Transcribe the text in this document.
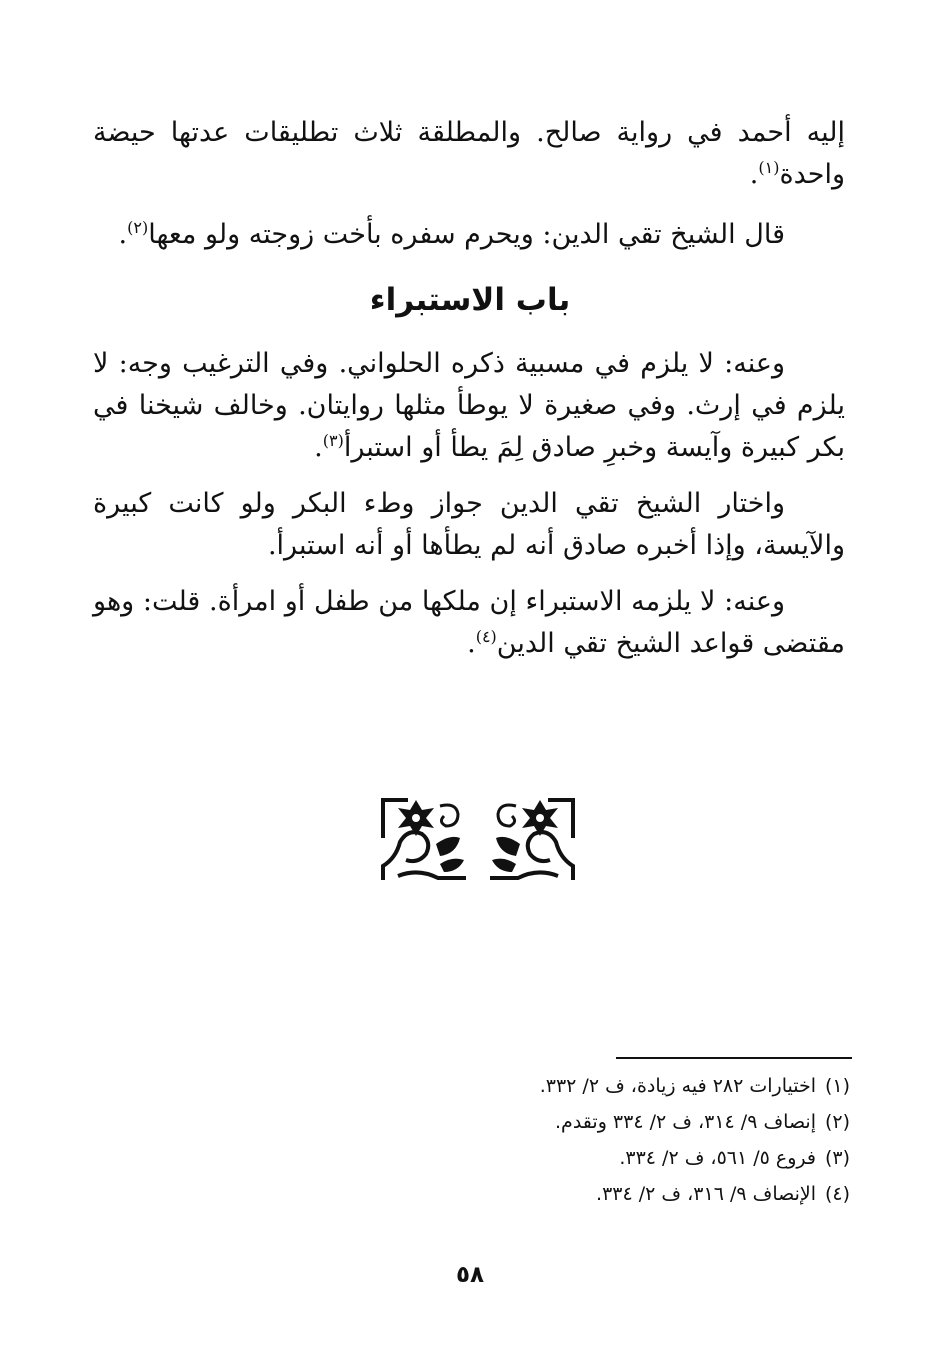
إليه أحمد في رواية صالح. والمطلقة ثلاث تطليقات عدتها حيضة واحدة$^{(١)}$.

قال الشيخ تقي الدين: ويحرم سفره بأخت زوجته ولو معها$^{(٢)}$.

باب الاستبراء

وعنه: لا يلزم في مسبية ذكره الحلواني. وفي الترغيب وجه: لا يلزم في إرث. وفي صغيرة لا يوطأ مثلها روايتان. وخالف شيخنا في بكر كبيرة وآيسة وخبرِ صادق لِمَ يطأ أو استبرأ$^{(٣)}$.

واختار الشيخ تقي الدين جواز وطء البكر ولو كانت كبيرة والآيسة، وإذا أخبره صادق أنه لم يطأها أو أنه استبرأ.

وعنه: لا يلزمه الاستبراء إن ملكها من طفل أو امرأة. قلت: وهو مقتضى قواعد الشيخ تقي الدين$^{(٤)}$.

(١)اختيارات ٢٨٢ فيه زيادة، ف ٢/ ٣٣٢.
(٢)إنصاف ٩/ ٣١٤، ف ٢/ ٣٣٤ وتقدم.
(٣)فروع ٥/ ٥٦١، ف ٢/ ٣٣٤.
(٤)الإنصاف ٩/ ٣١٦، ف ٢/ ٣٣٤.
٥٨
